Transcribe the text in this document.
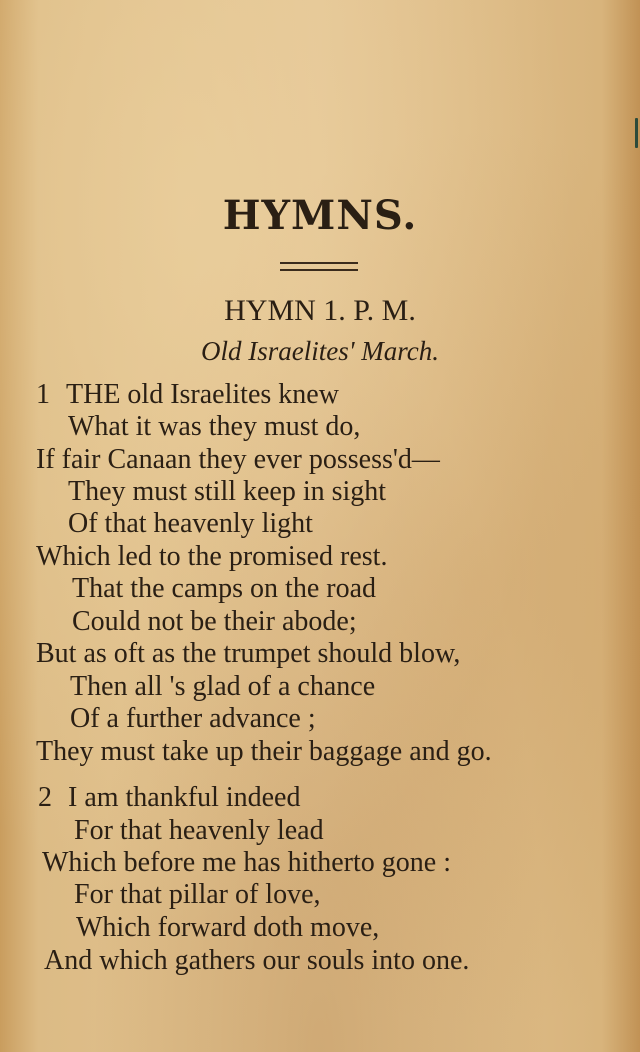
HYMNS.
HYMN 1. P. M.
Old Israelites' March.
1 THE old Israelites knew
What it was they must do,
If fair Canaan they ever possess'd—
They must still keep in sight
Of that heavenly light
Which led to the promised rest.
That the camps on the road
Could not be their abode;
But as oft as the trumpet should blow,
Then all 's glad of a chance
Of a further advance ;
They must take up their baggage and go.
2 I am thankful indeed
For that heavenly lead
Which before me has hitherto gone :
For that pillar of love,
Which forward doth move,
And which gathers our souls into one.
